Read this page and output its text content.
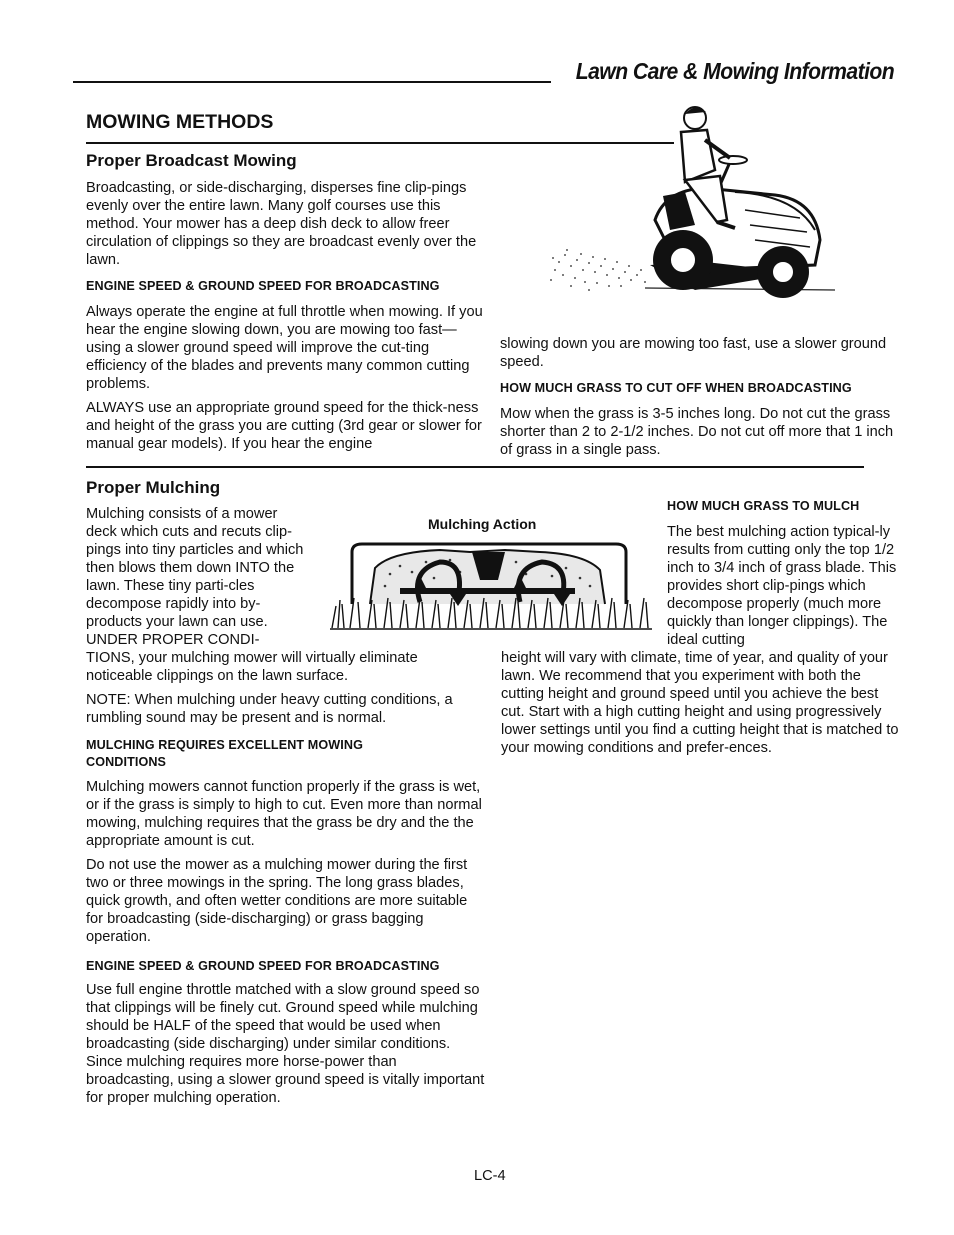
Lawn Care & Mowing Information
MOWING METHODS
Proper Broadcast Mowing

Broadcasting, or side-discharging, disperses fine clip-pings evenly over the entire lawn. Many golf courses use this method. Your mower has a deep dish deck to allow freer circulation of clippings so they are broadcast evenly over the lawn.

ENGINE SPEED & GROUND SPEED FOR BROADCASTING

Always operate the engine at full throttle when mowing. If you hear the engine slowing down, you are mowing too fast—using a slower ground speed will improve the cut-ting efficiency of the blades and prevents many common cutting problems.

ALWAYS use an appropriate ground speed for the thick-ness and height of the grass you are cutting (3rd gear or slower for manual gear models). If you hear the engine

slowing down you are mowing too fast, use a slower ground speed.

HOW MUCH GRASS TO CUT OFF WHEN BROADCASTING

Mow when the grass is 3-5 inches long. Do not cut the grass shorter than 2 to 2-1/2 inches. Do not cut off more that 1 inch of grass in a single pass.

Proper Mulching

Mulching consists of a mower deck which cuts and recuts clip-pings into tiny particles and which then blows them down INTO the lawn. These tiny parti-cles decompose rapidly into by-products your lawn can use. UNDER PROPER CONDI-

TIONS, your mulching mower will virtually eliminate noticeable clippings on the lawn surface.

NOTE: When mulching under heavy cutting conditions, a rumbling sound may be present and is normal.

Mulching Action

MULCHING REQUIRES EXCELLENT MOWING CONDITIONS

Mulching mowers cannot function properly if the grass is wet, or if the grass is simply to high to cut. Even more than normal mowing, mulching requires that the grass be dry and the the appropriate amount is cut.

Do not use the mower as a mulching mower during the first two or three mowings in the spring. The long grass blades, quick growth, and often wetter conditions are more suitable for broadcasting (side-discharging) or grass bagging operation.

ENGINE SPEED & GROUND SPEED FOR BROADCASTING

Use full engine throttle matched with a slow ground speed so that clippings will be finely cut. Ground speed while mulching should be HALF of the speed that would be used when broadcasting (side discharging) under similar conditions. Since mulching requires more horse-power than broadcasting, using a slower ground speed is vitally important for proper mulching operation.

HOW MUCH GRASS TO MULCH

The best mulching action typical-ly results from cutting only the top 1/2 inch to 3/4 inch of grass blade. This provides short clip-pings which decompose properly (much more quickly than longer clippings). The ideal cutting

height will vary with climate, time of year, and quality of your lawn. We recommend that you experiment with both the cutting height and ground speed until you achieve the best cut. Start with a high cutting height and using progressively lower settings until you find a cutting height that is matched to your mowing conditions and prefer-ences.

LC-4
